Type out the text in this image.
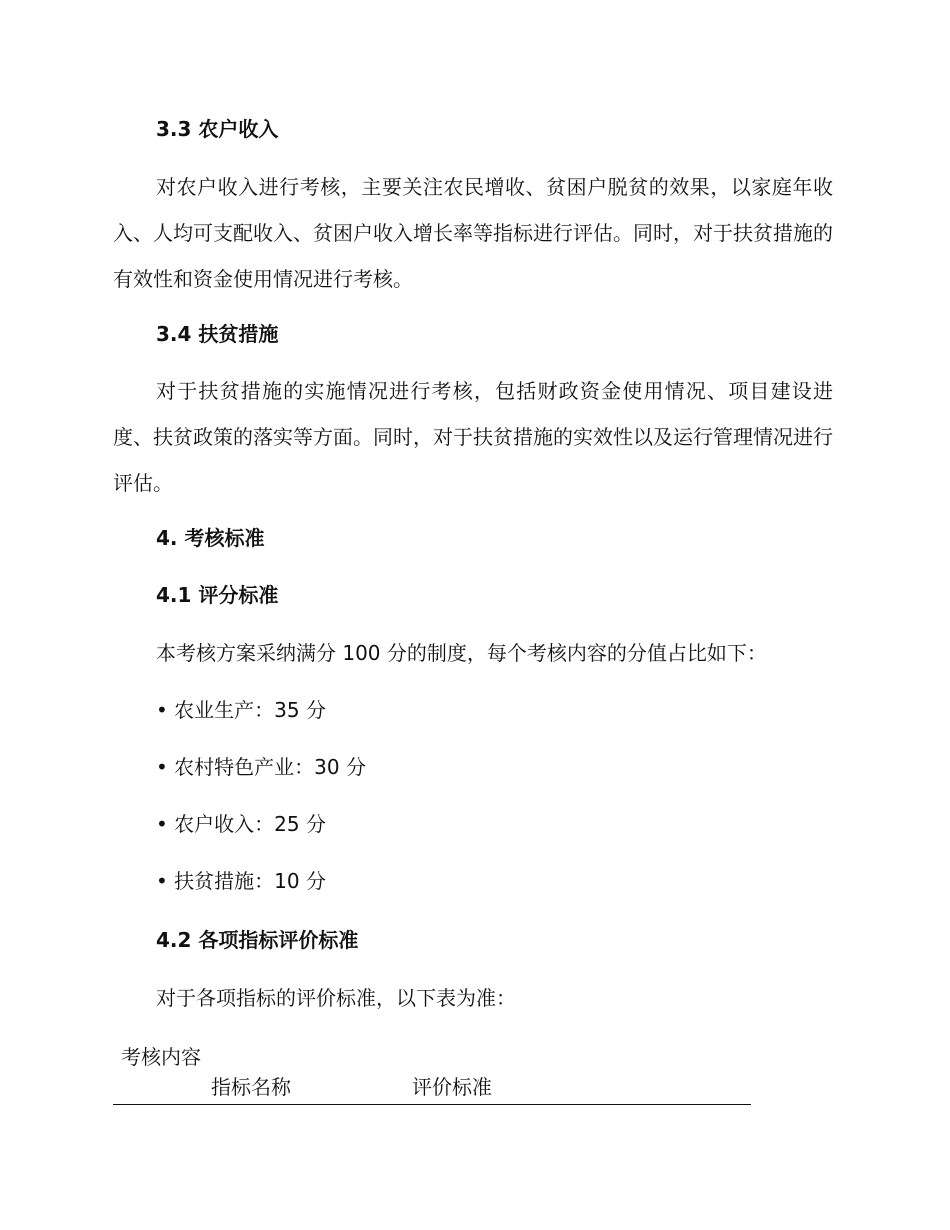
3.3 农户收入
对农户收入进行考核，主要关注农民增收、贫困户脱贫的效果，以家庭年收入、人均可支配收入、贫困户收入增长率等指标进行评估。同时，对于扶贫措施的有效性和资金使用情况进行考核。
3.4 扶贫措施
对于扶贫措施的实施情况进行考核，包括财政资金使用情况、项目建设进度、扶贫政策的落实等方面。同时，对于扶贫措施的实效性以及运行管理情况进行评估。
4. 考核标准
4.1 评分标准
本考核方案采纳满分 100 分的制度，每个考核内容的分值占比如下：
• 农业生产：35 分
• 农村特色产业：30 分
• 农户收入：25 分
• 扶贫措施：10 分
4.2 各项指标评价标准
对于各项指标的评价标准，以下表为准：
考核内容
指标名称	评价标准
